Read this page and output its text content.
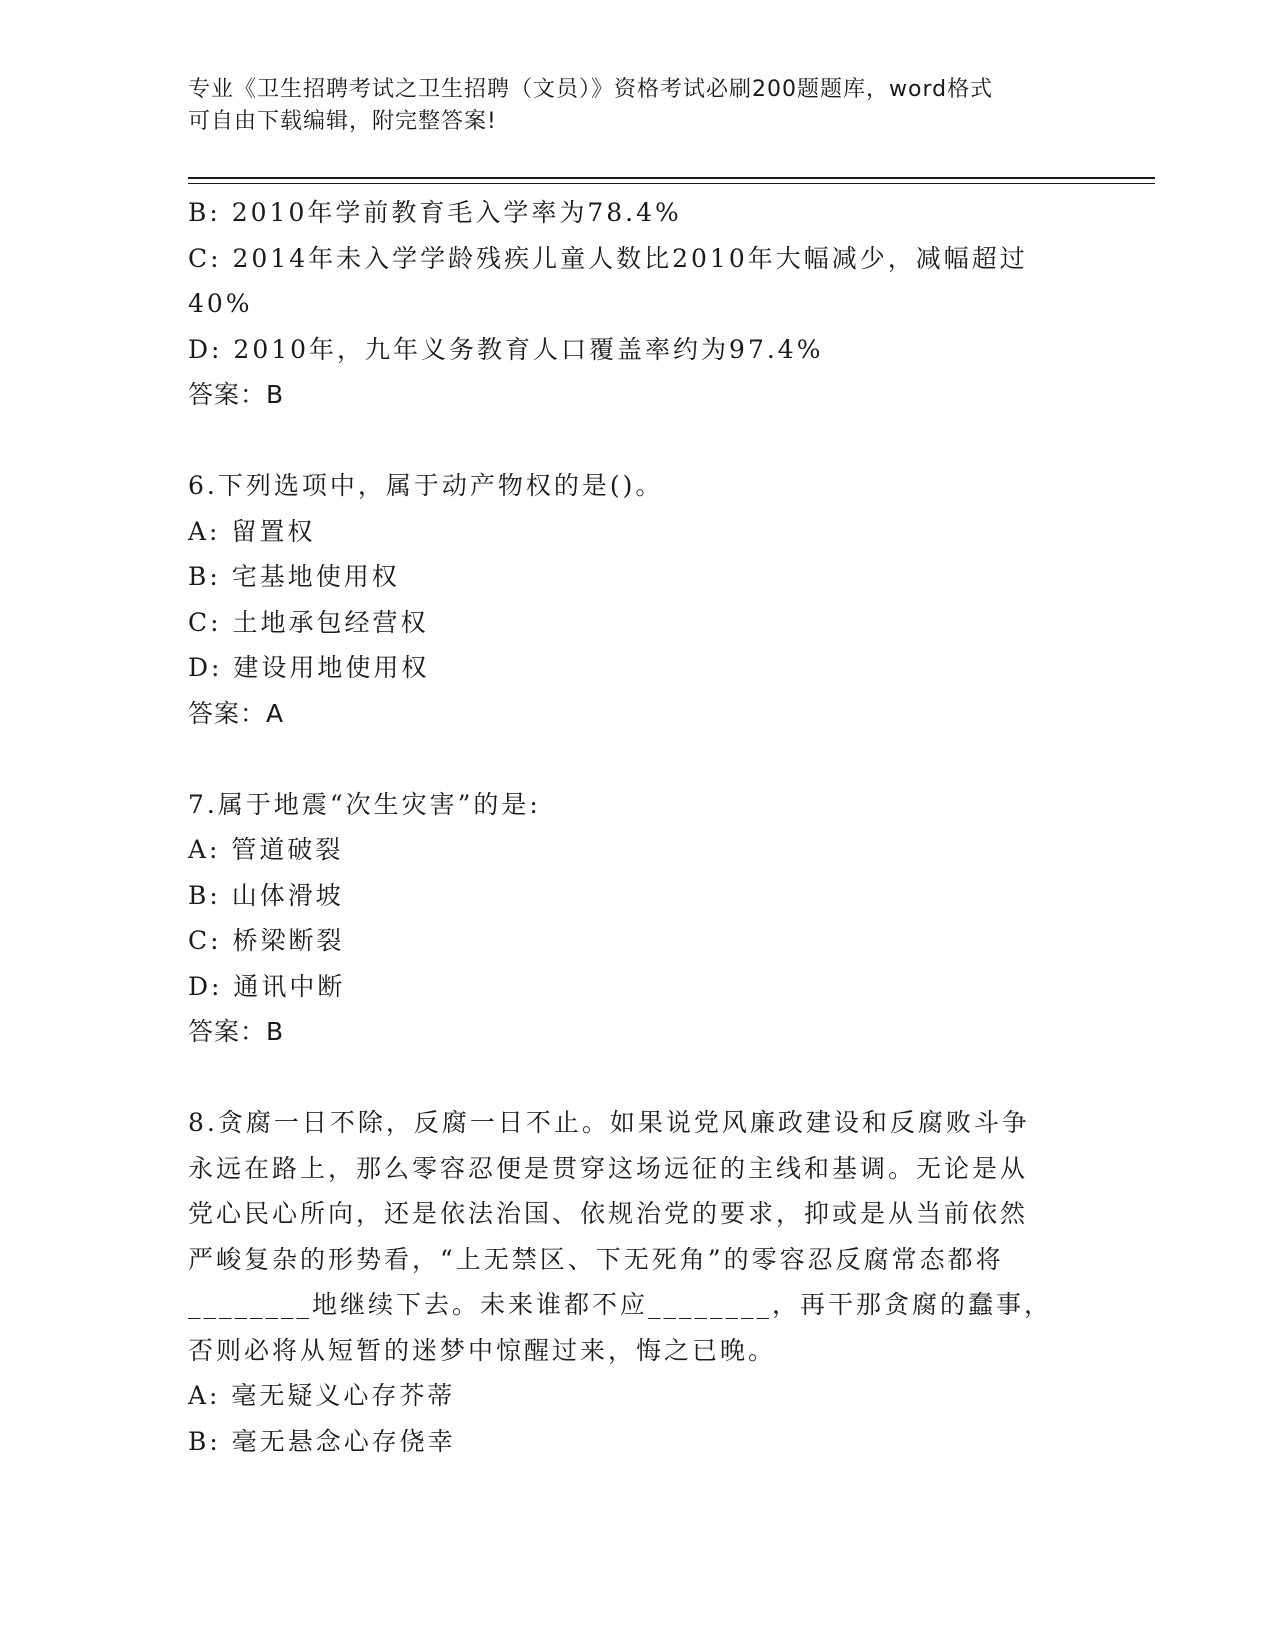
专业《卫生招聘考试之卫生招聘（文员）》资格考试必刷200题题库，word格式
可自由下载编辑，附完整答案!
B: 2010年学前教育毛入学率为78.4%
C: 2014年未入学学龄残疾儿童人数比2010年大幅减少，减幅超过
40%
D: 2010年，九年义务教育人口覆盖率约为97.4%
答案：B
6.下列选项中，属于动产物权的是()。
A: 留置权
B: 宅基地使用权
C: 土地承包经营权
D: 建设用地使用权
答案：A
7.属于地震“次生灾害”的是:
A: 管道破裂
B: 山体滑坡
C: 桥梁断裂
D: 通讯中断
答案：B
8.贪腐一日不除，反腐一日不止。如果说党风廉政建设和反腐败斗争
永远在路上，那么零容忍便是贯穿这场远征的主线和基调。无论是从
党心民心所向，还是依法治国、依规治党的要求，抑或是从当前依然
严峻复杂的形势看，“上无禁区、下无死角”的零容忍反腐常态都将
________地继续下去。未来谁都不应________，再干那贪腐的蠢事，
否则必将从短暂的迷梦中惊醒过来，悔之已晚。
A: 毫无疑义心存芥蒂
B: 毫无悬念心存侥幸
